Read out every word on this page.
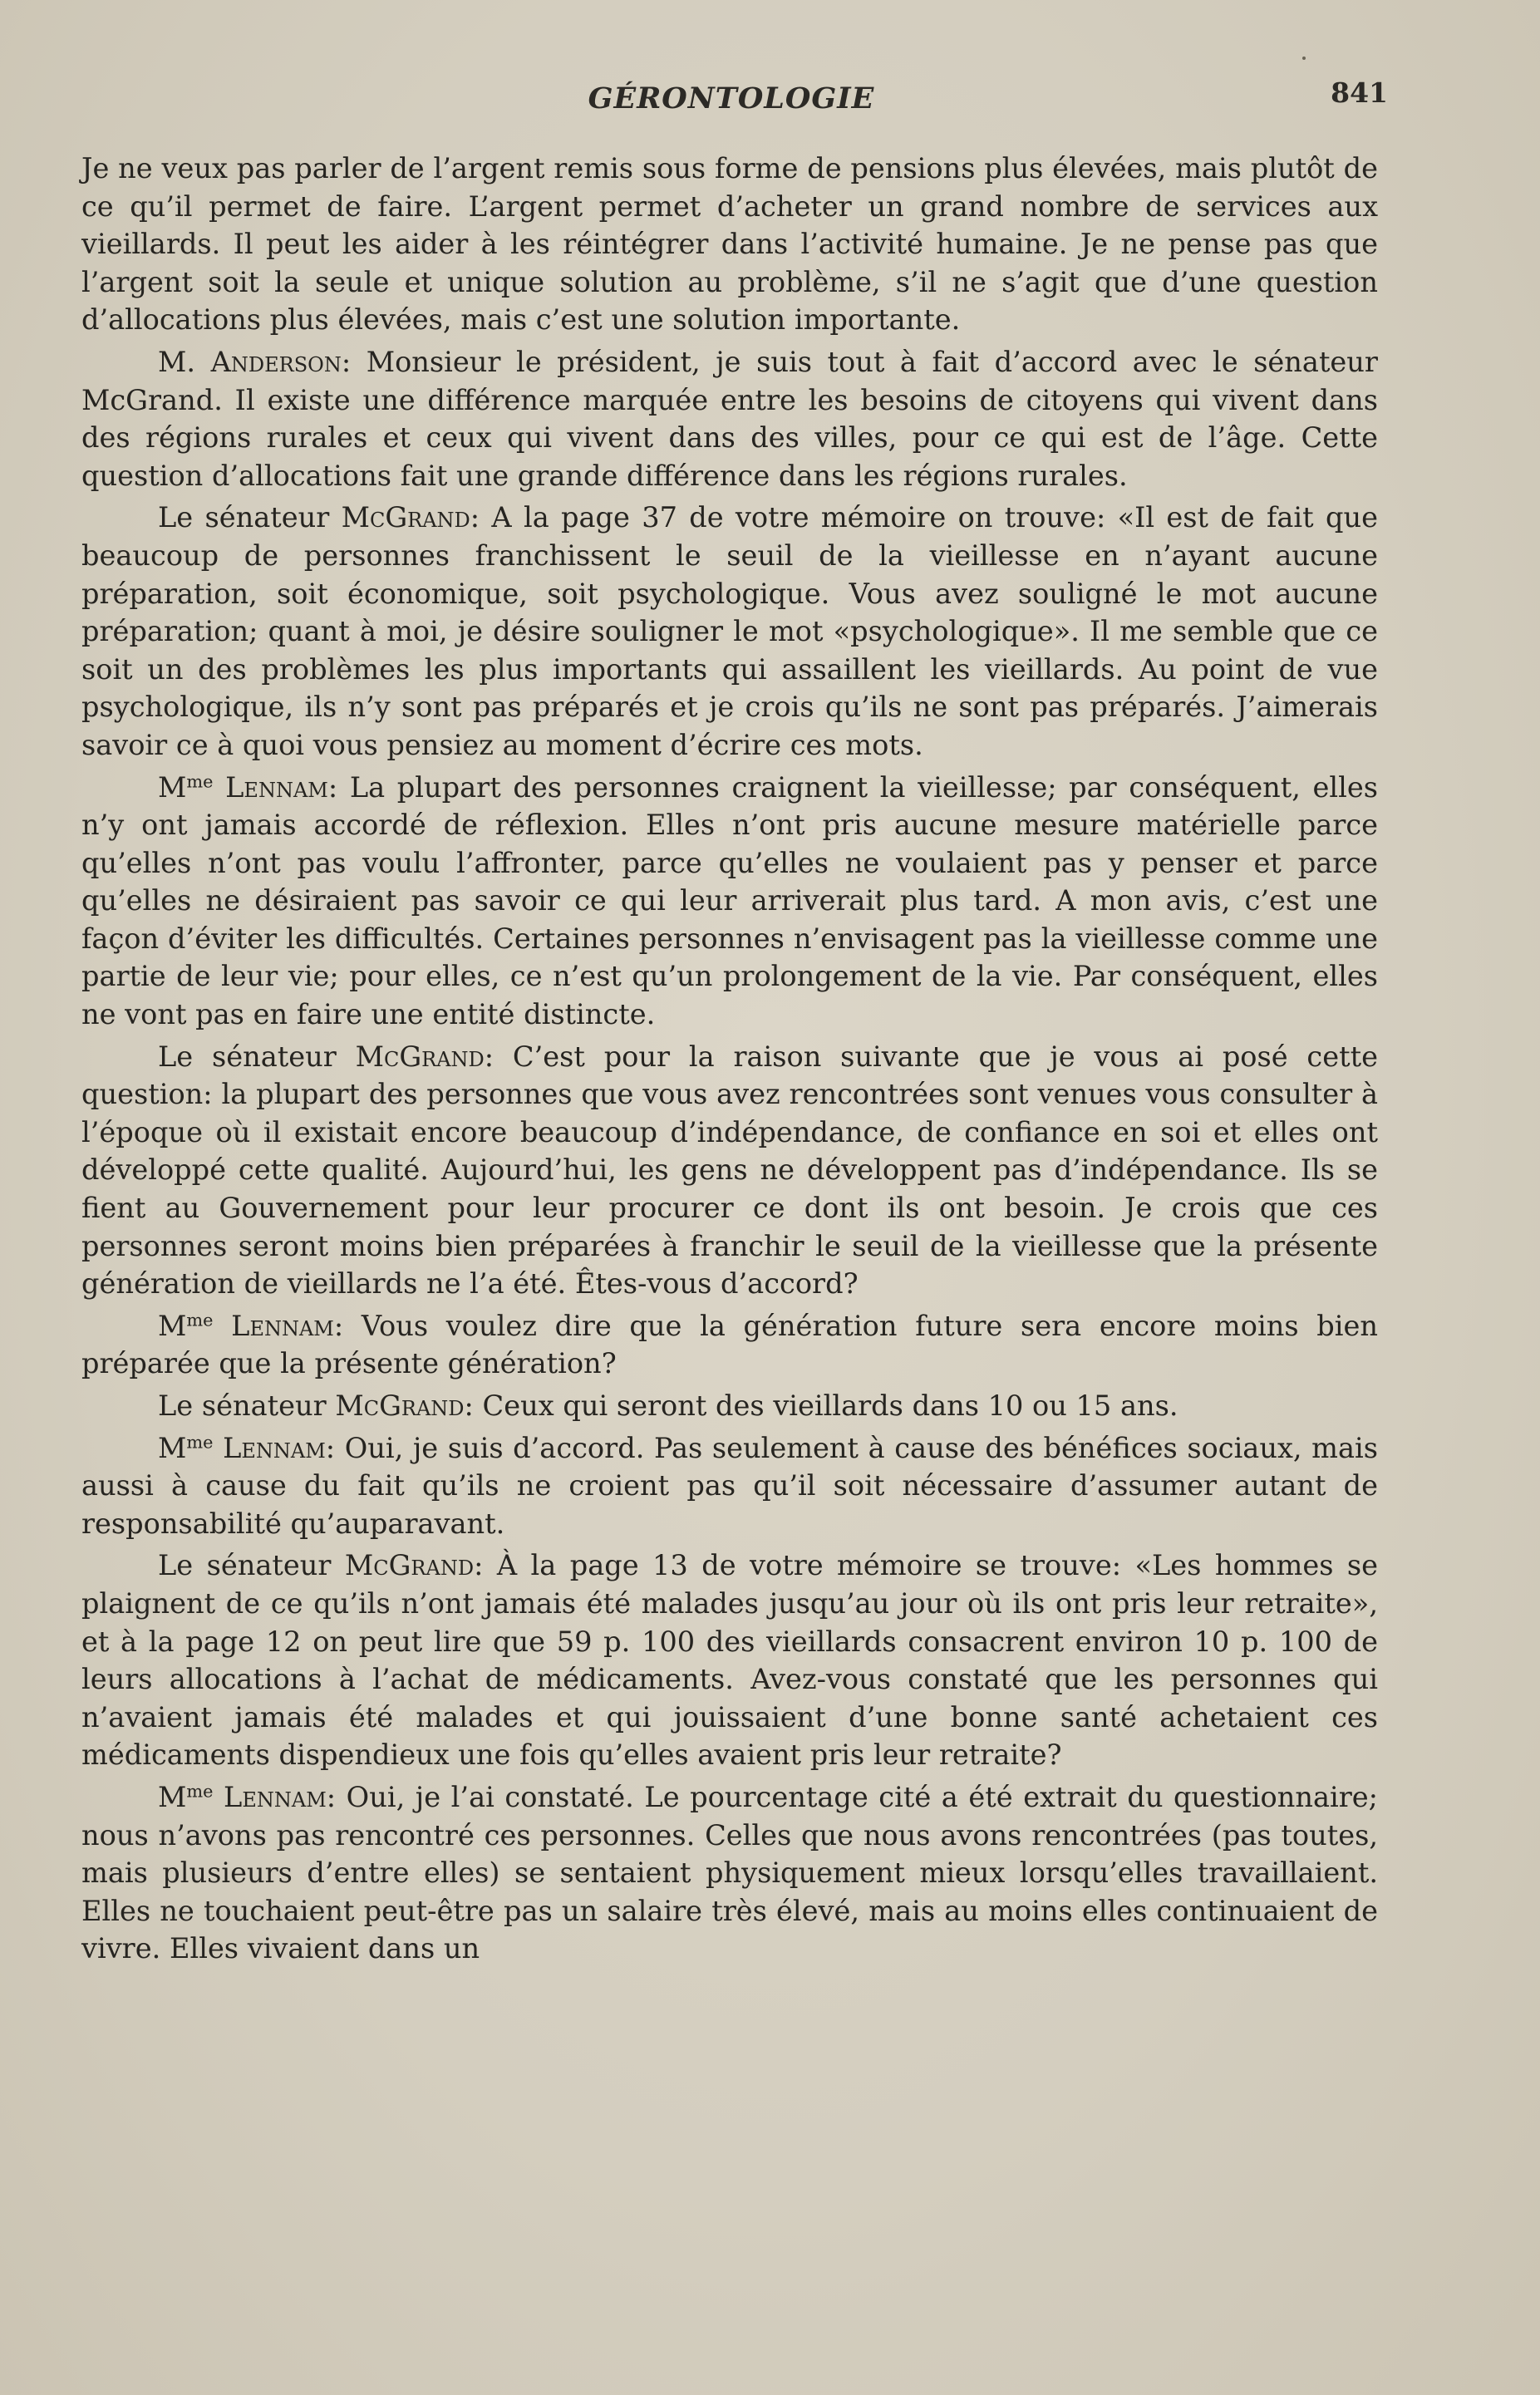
GÉRONTOLOGIE	841

Je ne veux pas parler de l’argent remis sous forme de pensions plus élevées, mais plutôt de ce qu’il permet de faire. L’argent permet d’acheter un grand nombre de services aux vieillards. Il peut les aider à les réintégrer dans l’activité humaine. Je ne pense pas que l’argent soit la seule et unique solution au problème, s’il ne s’agit que d’une question d’allocations plus élevées, mais c’est une solution importante.

M. Anderson: Monsieur le président, je suis tout à fait d’accord avec le sénateur McGrand. Il existe une différence marquée entre les besoins de citoyens qui vivent dans des régions rurales et ceux qui vivent dans des villes, pour ce qui est de l’âge. Cette question d’allocations fait une grande différence dans les régions rurales.

Le sénateur McGrand: A la page 37 de votre mémoire on trouve: «Il est de fait que beaucoup de personnes franchissent le seuil de la vieillesse en n’ayant aucune préparation, soit économique, soit psychologique. Vous avez souligné le mot aucune préparation; quant à moi, je désire souligner le mot «psychologique». Il me semble que ce soit un des problèmes les plus importants qui assaillent les vieillards. Au point de vue psychologique, ils n’y sont pas préparés et je crois qu’ils ne sont pas préparés. J’aimerais savoir ce à quoi vous pensiez au moment d’écrire ces mots.

$M^{me}$ Lennam: La plupart des personnes craignent la vieillesse; par conséquent, elles n’y ont jamais accordé de réflexion. Elles n’ont pris aucune mesure matérielle parce qu’elles n’ont pas voulu l’affronter, parce qu’elles ne voulaient pas y penser et parce qu’elles ne désiraient pas savoir ce qui leur arriverait plus tard. A mon avis, c’est une façon d’éviter les difficultés. Certaines personnes n’envisagent pas la vieillesse comme une partie de leur vie; pour elles, ce n’est qu’un prolongement de la vie. Par conséquent, elles ne vont pas en faire une entité distincte.

Le sénateur McGrand: C’est pour la raison suivante que je vous ai posé cette question: la plupart des personnes que vous avez rencontrées sont venues vous consulter à l’époque où il existait encore beaucoup d’indépendance, de confiance en soi et elles ont développé cette qualité. Aujourd’hui, les gens ne développent pas d’indépendance. Ils se fient au Gouvernement pour leur procurer ce dont ils ont besoin. Je crois que ces personnes seront moins bien préparées à franchir le seuil de la vieillesse que la présente génération de vieillards ne l’a été. Êtes-vous d’accord?

$M^{me}$ Lennam: Vous voulez dire que la génération future sera encore moins bien préparée que la présente génération?

Le sénateur McGrand: Ceux qui seront des vieillards dans 10 ou 15 ans.

$M^{me}$ Lennam: Oui, je suis d’accord. Pas seulement à cause des bénéfices sociaux, mais aussi à cause du fait qu’ils ne croient pas qu’il soit nécessaire d’assumer autant de responsabilité qu’auparavant.

Le sénateur McGrand: À la page 13 de votre mémoire se trouve: «Les hommes se plaignent de ce qu’ils n’ont jamais été malades jusqu’au jour où ils ont pris leur retraite», et à la page 12 on peut lire que 59 p. 100 des vieillards consacrent environ 10 p. 100 de leurs allocations à l’achat de médicaments. Avez-vous constaté que les personnes qui n’avaient jamais été malades et qui jouissaient d’une bonne santé achetaient ces médicaments dispendieux une fois qu’elles avaient pris leur retraite?

$M^{me}$ Lennam: Oui, je l’ai constaté. Le pourcentage cité a été extrait du questionnaire; nous n’avons pas rencontré ces personnes. Celles que nous avons rencontrées (pas toutes, mais plusieurs d’entre elles) se sentaient physiquement mieux lorsqu’elles travaillaient. Elles ne touchaient peut-être pas un salaire très élevé, mais au moins elles continuaient de vivre. Elles vivaient dans un
